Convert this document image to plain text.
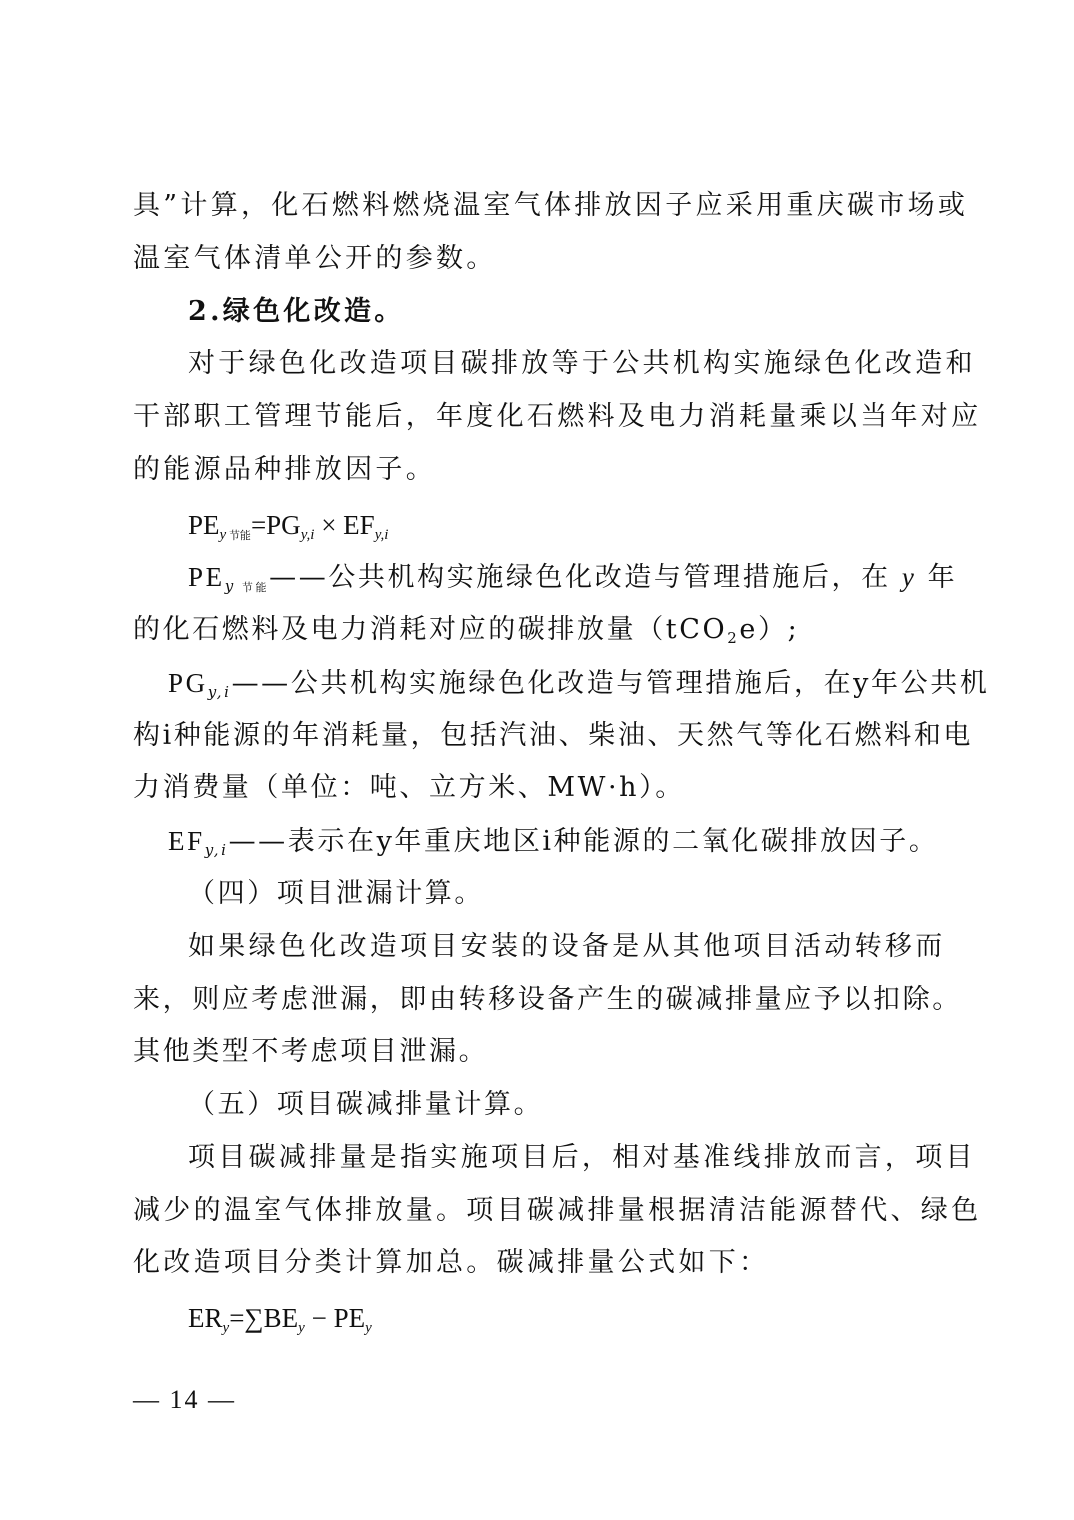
具”计算，化石燃料燃烧温室气体排放因子应采用重庆碳市场或
温室气体清单公开的参数。
2.绿色化改造。
对于绿色化改造项目碳排放等于公共机构实施绿色化改造和
干部职工管理节能后，年度化石燃料及电力消耗量乘以当年对应
的能源品种排放因子。
$PE_{y 节能}=PG_{y,i} \times EF_{y,i}$
$PE_{y 节能}——$公共机构实施绿色化改造与管理措施后，在 y 年
的化石燃料及电力消耗对应的碳排放量（tCO$_2$e）;
$PG_{y,i}——$公共机构实施绿色化改造与管理措施后，在y年公共机
构i种能源的年消耗量，包括汽油、柴油、天然气等化石燃料和电
力消费量（单位：吨、立方米、MW·h）。
$EF_{y,i}——$表示在y年重庆地区i种能源的二氧化碳排放因子。
（四）项目泄漏计算。
如果绿色化改造项目安装的设备是从其他项目活动转移而
来，则应考虑泄漏，即由转移设备产生的碳减排量应予以扣除。
其他类型不考虑项目泄漏。
（五）项目碳减排量计算。
项目碳减排量是指实施项目后，相对基准线排放而言，项目
减少的温室气体排放量。项目碳减排量根据清洁能源替代、绿色
化改造项目分类计算加总。碳减排量公式如下：
$ER_y=\sum BE_y - PE_y$
— 14 —
